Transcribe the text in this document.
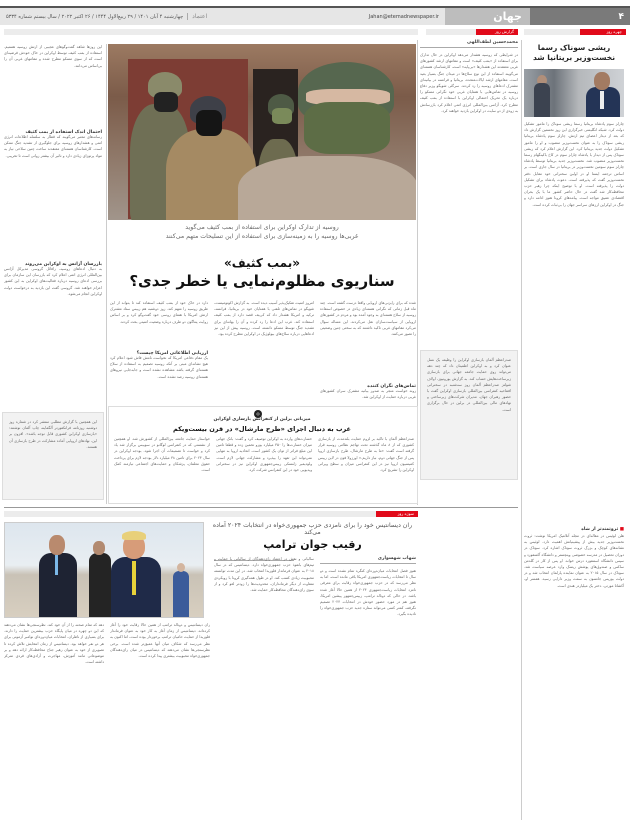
اعتماد
چهارشنبه ۴ آبان ۱۴۰۱ / ۲۹ ربیع‌الاول ۱۴۴۴ / ۲۶ اکتبر ۲۰۲۲ / سال بیستم شماره ۵۳۳۴	Jahan@etemadnewspaper.ir	جهان	۴
چهره روز
گزارش روز
ریشی سوناک رسما نخست‌وزیر بریتانیا شد
چارلز سوم پادشاه بریتانیا رسما ریشی سوناک را مامور تشکیل دولت کرد. شبکه انگلیسی خبرگزاری این روز نخستین گزارش داد که بعد از دیدار اعضای تیم ارتش، چارلز سوم پادشاه بریتانیا ریشی سوناک را به عنوان نخست‌وزیر منصوب و او را مامور تشکیل دولت جدید بریتانیا کرد. این گزارش اعلام کرد که ریشی سوناک پس از دیدار با پادشاه چارلز سوم در کاخ باکینگهام رسما نخست‌وزیر منصوب شد. نخست‌وزیر جدید بریتانیا توسط پادشاه چارلز سوم سومین نخست‌وزیر در بریتانیا در سال جاری است. بر اساس ترجمه ایسنا او در اولین سخنرانی خود مقابل دفتر نخست‌وزیر گفت که پذیرفته است. دعوت پادشاه برای تشکیل دولت را پذیرفته است. او با توضیح اینکه چرا رهبر حزب محافظه‌کار شد گفت در حال حاضر کشور ما با یک بحران اقتصادی عمیق مواجه است. پیامدهای کرونا هنوز ادامه دارد و جنگ در اوکراین ارزهای سراسر جهان را بی‌ثبات کرده است.
■ ثروتمندتر از شاه
هلن لوئیس در مقاله‌ای در مجله آتلانتیک امریکا نوشت: ثروت نخست‌وزیر جدید بیش از پیشینیانش اهمیت دارد. لوئیس به نشانه‌های کوچک و بزرگ ثروت سوناک اشاره کرد. سوناک در دوران تحصیل در مدرسه خصوصی وینچستر و دانشگاه آکسفورد و سپس دانشگاه استنفورد درس خواند. او پس از کار در گلدمن ساکس و صندوق‌های پوشش ریسک وارد عرصه سیاست شد. سوناک در سال ۲۰۱۵ به عنوان نماینده پارلمان انتخاب شد و در دولت بوریس جانسون به سمت وزیر دارایی رسید. همسر او، آکشاتا مورتی، دختر یک میلیاردر هندی است.
محمدحسین لطف‌اللهی
در شرایطی که روسیه هشدار می‌دهد اوکراین در حال تدارک برای استفاده از «بمب کثیف» است و مقامهای ارشد کشورهای غربی معتقدند این هشدارها «بی‌پایه» است، کارشناسان هسته‌ای می‌گویند استفاده از این نوع سلاح‌ها در میدان جنگ بسیار بعید است. مقامهای ارشد ایالات‌متحده، بریتانیا و فرانسه در بیانیه‌ای مشترک ادعاهای روسیه را رد کردند. سرگئی شویگو وزیر دفاع روسیه در تماس‌هایی با همتایان غربی خود نگرانی مسکو را درباره یک تحریک احتمالی اوکراین با استفاده از بمب کثیف مطرح کرد. آژانس بین‌المللی انرژی اتمی اعلام کرد بازرسانش به زودی از دو سایت در اوکراین بازدید خواهند کرد.
صدراعظم آلمان بازسازی اوکراین را وظیفه یک نسل عنوان کرد و به اوکراین اطمینان داد که چند دهه می‌تواند روی حمایت جامعه جهانی برای بازسازی زیرساخت‌هایش حساب کند. به گزارش یورونیوز، اولاف شولتز صدراعظم آلمان روز سه‌شنبه در سخنرانی افتتاحیه کنفرانس بین‌المللی بازسازی اوکراین گفت با حضور رهبران جهان، مدیران شرکت‌های زیرساختی و نهادهای مالی بین‌المللی در برلین در حال برگزاری است.
روسیه از تدارک اوکراین برای استفاده از بمب کثیف می‌گوید
غربی‌ها روسیه را به زمینه‌سازی برای استفاده از این تسلیحات متهم می‌کنند
«بمب کثیف»
سناریوی مظلوم‌نمایی یا خطر جدی؟
شده که برای رایزنی‌های اروپایی واقعا درست گشته است. چند ماه قبل زمانی که نگرانی هسته‌ای زیادی در خصوص استفاده روسیه از سلاح هسته‌ای به وجود آمده بود و مردم در کشورهای اروپایی از سیاست‌سازان نقل می‌کردند، این مساله سوال می‌کرد مقامهای غربی تاکید داشتند که به سختی چنین وضعیتی را تصور می‌کنند.
تماس‌های نگران کننده
روند خواست منجر به صدور بیانیه مشترک سران کشورهای غربی درباره حمایت از اوکراین شد.
امروز امنیت تفکیک‌پذیر آسیب دیده است. به گزارش اکونومیست، شویگو در تماس‌های تلفنی با همتایان خود در بریتانیا، فرانسه، ترکیه و امریکا هشدار داد که کی‌یف قصد دارد از بمب کثیف استفاده کند. غرب این ادعا را رد کرده و آن را بهانه‌ای برای تشدید جنگ توسط مسکو دانسته است. روسیه پیش از این نیز ادعاهایی درباره سلاح‌های بیولوژیک در اوکراین مطرح کرده بود.
دارد در خاک خود از بمب کثیف استفاده کند تا بتواند از این طریق روسیه را متهم کند. روز دوشنبه هم رییس ستاد مشترک ارتش امریکا با همتای روسی خود گفت‌وگو کرد و بر اساس روایت پنتاگون دو طرف درباره وضعیت امنیتی بحث کردند.
ارزیابی اطلاعاتی امریکا چیست؟
یک مقام دفاعی امریکا که نخواست نامش فاش شود اعلام کرد هیچ نشانه‌ای مبنی بر آنکه روسیه تصمیم به استفاده از سلاح هسته‌ای گرفته باشد مشاهده نشده است و جابه‌جایی نیروهای هسته‌ای روسیه رصد نشده است.
این روزها شاهد گفت‌وگوهای عجیبی از ارتش روسیه هستیم. استفاده از بمب کثیف توسط اوکراین در خاک خودش فرضیه‌ای است که از سوی مسکو مطرح شده و مقامهای غربی آن را بی‌اساس می‌دانند.
احتمال اندک استفاده از بمب کثیف
رسانه‌های معتبر می‌گویند که قطار به سلسله اطلاعات انرژی اتمی و هشدارهای روسیه برای جلوگیری از تشدید جنگ ممکن است. کارشناسان هسته‌ای معتقدند ساخت چنین سلاحی نیاز به مواد پرتوزای زیادی دارد و تاثیر آن بیشتر روانی است تا تخریبی.
بازرسان آژانس به اوکراین می‌روند
به دنبال ادعاهای روسیه، رافائل گروسی مدیرکل آژانس بین‌المللی انرژی اتمی اعلام کرد که بازرسان این سازمان برای بررسی ادعای روسیه درباره فعالیت‌های اوکراین به این کشور اعزام خواهند شد. گروسی گفت این بازدید به درخواست دولت اوکراین انجام می‌شود.
این همچنین با گزارش مطلبی منتشر کرد در شماره روز دوشنبه روزنامه فرانکفورتر آلگماینه چاپ آلمان نوشتند: «بازسازی اوکراین کشوری قابل توجه باشد». افزون بر این، نهادهای اروپایی آماده مشارکت در طرح بازسازی آن هستند.
◎
میزبانی برلین از کنفرانس بازسازی اوکراین
غرب به دنبال اجرای «طرح مارشال» در قرن بیست‌ویکم
صدراعظم آلمان با تاکید بر لزوم حمایت بلندمدت از بازسازی کشوری که از ۸ ماه گذشته تحت تهاجم نظامی روسیه قرار گرفته است گفت: «ما به طرح مارشال، طرح بازسازی اروپا پس از جنگ جهانی دوم، نیاز داریم.» اورزولا فون در لاین رییس کمیسیون اروپا نیز در این کنفرانس میزان و سطح ویرانی اوکراین را تشریح کرد.
خسارت‌های وارده به اوکراین توصیف کرد و گفت: بانک جهانی میزان خسارت‌ها را ۳۵۰ میلیارد یورو تخمین زده و قطعا تامین این مبلغ فراتر از توان یک کشور است. اتحادیه اروپا به تنهایی نمی‌تواند این تعهد را بپذیرد و مشارکت جهانی لازم است. ولودیمیر زلنسکی رییس‌جمهوری اوکراین نیز در سخنرانی ویدیویی خود در این کنفرانس شرکت کرد.
خواستار حمایت جامعه بین‌المللی از کشورش شد. او همچنین از نشستی که در کنفرانس لوگانو در سوییس برگزار شد یاد کرد و خواست تا تصمیمات آن اجرا شود. بودجه اوکراین در سال ۲۰۲۳ برای تامین ۳۸ میلیارد دلار بودجه لازم برای پرداخت حقوق معلمان، پزشکان و حمایت‌های اجتماعی نیازمند کمک است.
سوژه روز
ران دیسانتیس خود را برای نامزدی حزب جمهوری‌خواه در انتخابات ۲۰۲۴ آماده می‌کند
رقیب جوان ترامپ
شهاب شهسواری
هنوز فصل انتخابات میان‌دوره‌ای کنگره تمام نشده است و دو سال تا انتخابات ریاست‌جمهوری امریکا باقی مانده است، اما به نظر می‌رسد که در حزب جمهوری‌خواه رقابت برای معرفی نامزد انتخابات ریاست‌جمهوری ۲۰۲۴ از همین حالا آغاز شده باشد. در حالی که دونالد ترامپ، رییس‌جمهور پیشین امریکا، هنوز هم در مورد حضور خودش در انتخابات ۲۰۲۴ تصمیم نگرفته، کمتر کسی می‌تواند ستاره جدید حزب جمهوری‌خواه را نادیده بگیرد.
سالیانی و نقش در اعتماد رای‌دهندگان از سالیانی با حمایت و تیم‌های بانفوذ حزب جمهوری‌خواه دارد. دیسانتیس که در سال ۲۰۱۸ به عنوان فرماندار فلوریدا انتخاب شد، در این مدت توانسته محبوبیت زیادی کسب کند. او در طول همه‌گیری کرونا با رویکردی متفاوت از دیگر فرمانداران، محدودیت‌ها را زودتر لغو کرد و از سوی رای‌دهندگان محافظه‌کار حمایت شد.
ران دیسانتیس و دونالد ترامپ از همین حالا رقابت خود را آغاز کرده‌اند. دیسانتیس از زمان آغاز به کار خود به عنوان فرماندار فلوریدا از حمایت حامیان ترامپ برخوردار بوده است، اما اکنون به نظر می‌رسد که شکاف میان آنها عمیق‌تر شده است. برخی نظرسنجی‌ها نشان می‌دهند که دیسانتیس در میان رای‌دهندگان جمهوری‌خواه محبوبیت بیشتری پیدا کرده است.
دهد که تمام صحنه را از آن خود کند. نظرسنجی‌ها نشان می‌دهند که این دو چهره در میان پایگاه حزب بیشترین حمایت را دارند. برای بسیاری از ناظران، انتخابات میان‌دوره‌ای نوامبر آزمونی برای هر دو نفر خواهد بود. دیسانتیس از زمان انتخابش تلاش کرده تا تصویری از خود به عنوان رهبر جناح محافظه‌کار ارائه دهد و بر موضوعاتی مانند آموزش، مهاجرت و آزادی‌های فردی تمرکز داشته است.
